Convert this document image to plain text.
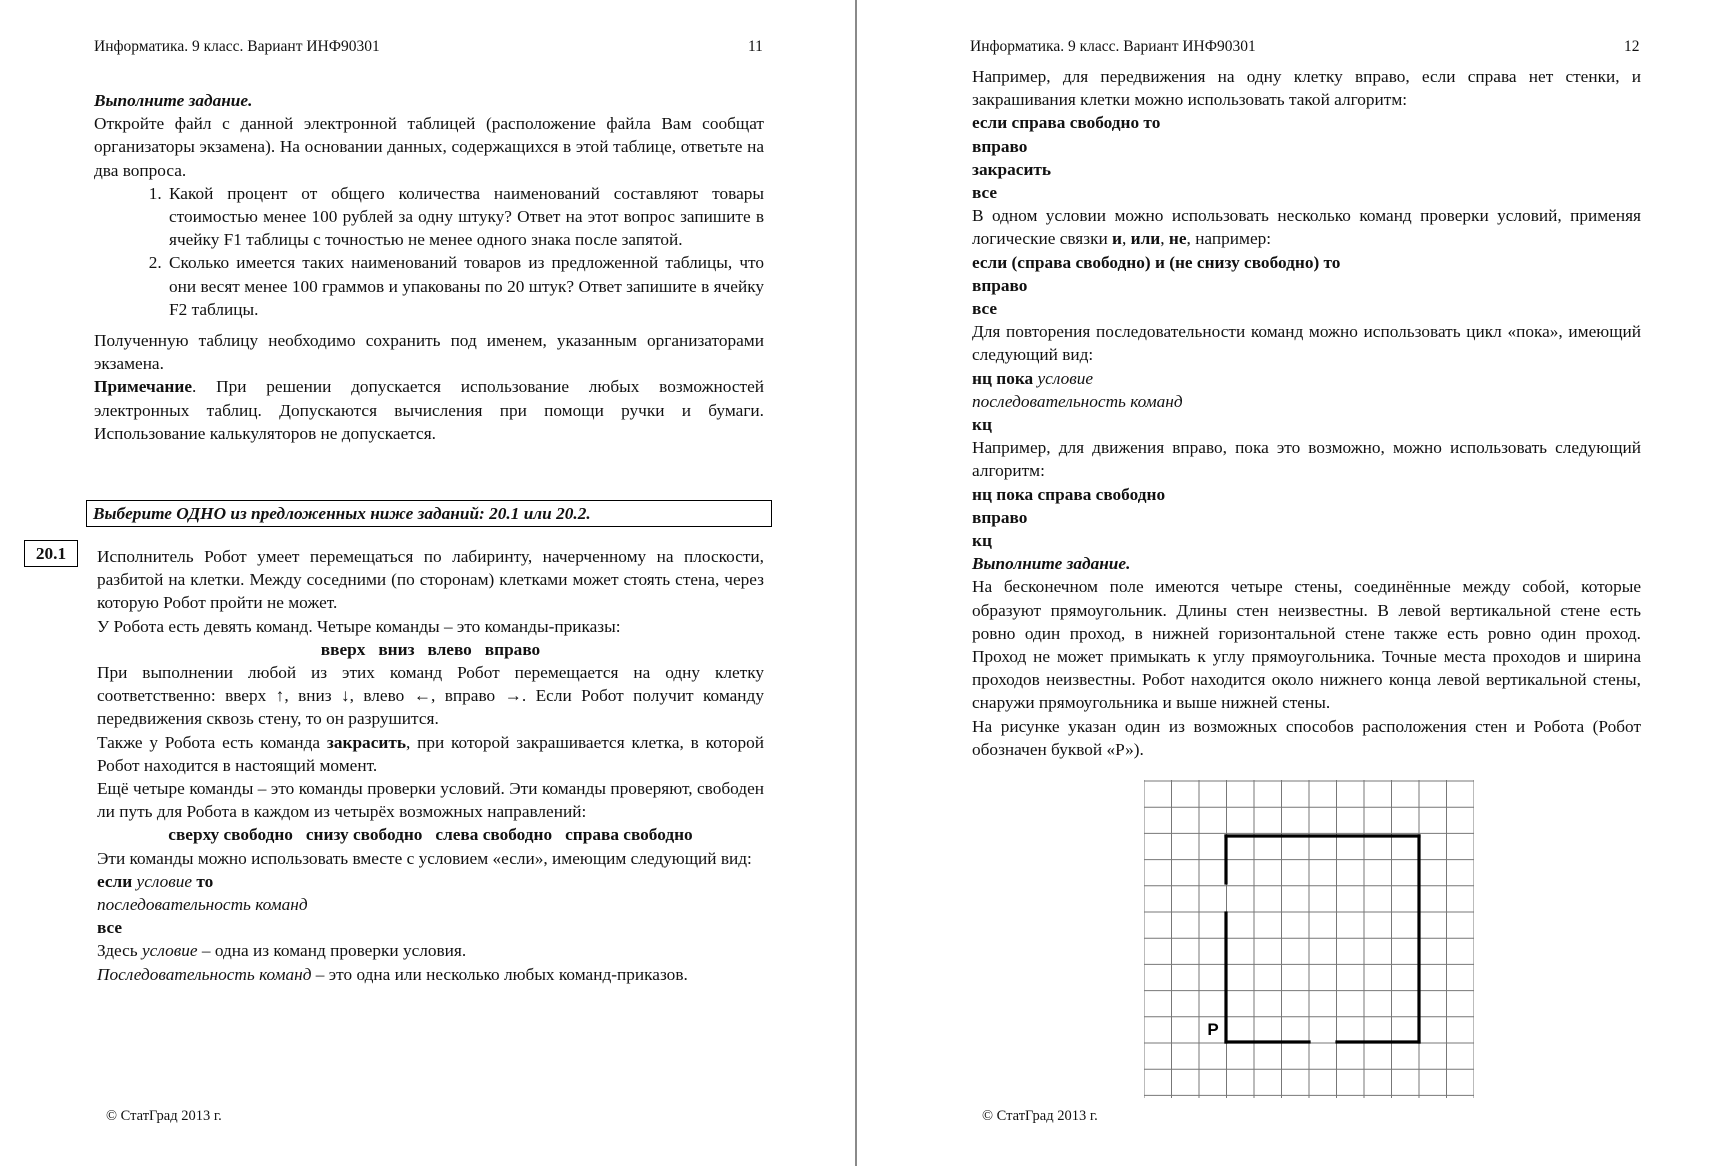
Информатика. 9 класс. Вариант ИНФ90301	11

Выполните задание.

Откройте файл с данной электронной таблицей (расположение файла Вам сообщат организаторы экзамена). На основании данных, содержащихся в этой таблице, ответьте на два вопроса.

1. Какой процент от общего количества наименований составляют товары стоимостью менее 100 рублей за одну штуку? Ответ на этот вопрос запишите в ячейку F1 таблицы с точностью не менее одного знака после запятой.
2. Сколько имеется таких наименований товаров из предложенной таблицы, что они весят менее 100 граммов и упакованы по 20 штук? Ответ запишите в ячейку F2 таблицы.

Полученную таблицу необходимо сохранить под именем, указанным организаторами экзамена.

Примечание. При решении допускается использование любых возможностей электронных таблиц. Допускаются вычисления при помощи ручки и бумаги. Использование калькуляторов не допускается.

Выберите ОДНО из предложенных ниже заданий: 20.1 или 20.2.
20.1	Исполнитель Робот умеет перемещаться по лабиринту, начерченному на плоскости, разбитой на клетки. Между соседними (по сторонам) клетками может стоять стена, через которую Робот пройти не может.

У Робота есть девять команд. Четыре команды – это команды-приказы:

вверх   вниз   влево   вправо

При выполнении любой из этих команд Робот перемещается на одну клетку соответственно: вверх ↑, вниз ↓, влево ←, вправо →. Если Робот получит команду передвижения сквозь стену, то он разрушится.

Также у Робота есть команда закрасить, при которой закрашивается клетка, в которой Робот находится в настоящий момент.

Ещё четыре команды – это команды проверки условий. Эти команды проверяют, свободен ли путь для Робота в каждом из четырёх возможных направлений:

сверху свободно   снизу свободно   слева свободно   справа свободно

Эти команды можно использовать вместе с условием «если», имеющим следующий вид:

если условие то

последовательность команд

все

Здесь условие – одна из команд проверки условия.

Последовательность команд – это одна или несколько любых команд-приказов.

© СтатГрад 2013 г.
Информатика. 9 класс. Вариант ИНФ90301	12

Например, для передвижения на одну клетку вправо, если справа нет стенки, и закрашивания клетки можно использовать такой алгоритм:

если справа свободно то

вправо

закрасить

все

В одном условии можно использовать несколько команд проверки условий, применяя логические связки и, или, не, например:

если (справа свободно) и (не снизу свободно) то

вправо

все

Для повторения последовательности команд можно использовать цикл «пока», имеющий следующий вид:

нц пока условие

последовательность команд

кц

Например, для движения вправо, пока это возможно, можно использовать следующий алгоритм:

нц пока справа свободно

вправо

кц

Выполните задание.

На бесконечном поле имеются четыре стены, соединённые между собой, которые образуют прямоугольник. Длины стен неизвестны. В левой вертикальной стене есть ровно один проход, в нижней горизонтальной стене также есть ровно один проход. Проход не может примыкать к углу прямоугольника. Точные места проходов и ширина проходов неизвестны. Робот находится около нижнего конца левой вертикальной стены, снаружи прямоугольника и выше нижней стены.

На рисунке указан один из возможных способов расположения стен и Робота (Робот обозначен буквой «Р»).

Р
© СтатГрад 2013 г.
